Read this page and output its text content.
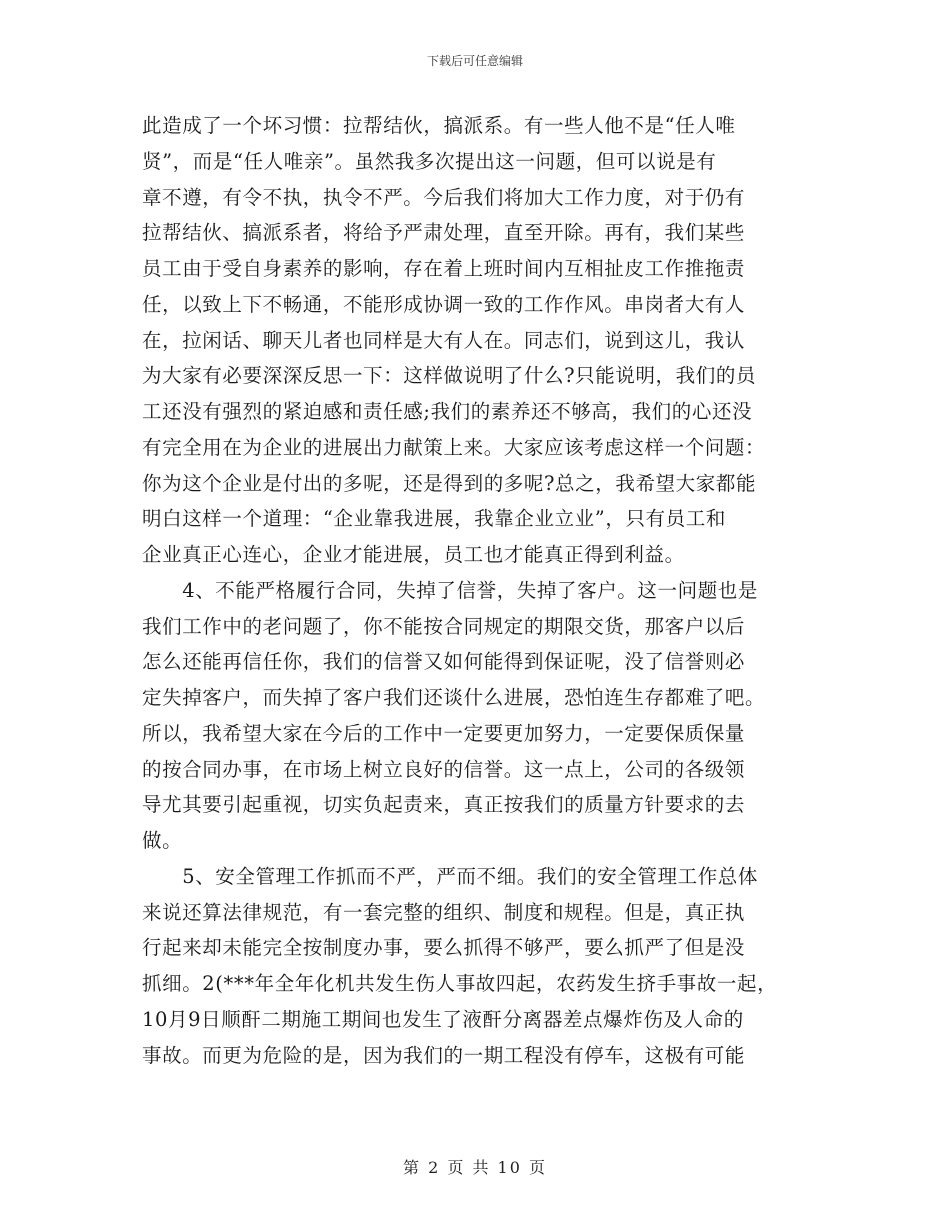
下载后可任意编辑
此造成了一个坏习惯：拉帮结伙，搞派系。有一些人他不是“任人唯
贤”，而是“任人唯亲”。虽然我多次提出这一问题，但可以说是有
章不遵，有令不执，执令不严。今后我们将加大工作力度，对于仍有
拉帮结伙、搞派系者，将给予严肃处理，直至开除。再有，我们某些
员工由于受自身素养的影响，存在着上班时间内互相扯皮工作推拖责
任，以致上下不畅通，不能形成协调一致的工作作风。串岗者大有人
在，拉闲话、聊天儿者也同样是大有人在。同志们，说到这儿，我认
为大家有必要深深反思一下：这样做说明了什么?只能说明，我们的员
工还没有强烈的紧迫感和责任感;我们的素养还不够高，我们的心还没
有完全用在为企业的进展出力献策上来。大家应该考虑这样一个问题：
你为这个企业是付出的多呢，还是得到的多呢?总之，我希望大家都能
明白这样一个道理：“企业靠我进展，我靠企业立业”，只有员工和
企业真正心连心，企业才能进展，员工也才能真正得到利益。
　　4、不能严格履行合同，失掉了信誉，失掉了客户。这一问题也是
我们工作中的老问题了，你不能按合同规定的期限交货，那客户以后
怎么还能再信任你，我们的信誉又如何能得到保证呢，没了信誉则必
定失掉客户，而失掉了客户我们还谈什么进展，恐怕连生存都难了吧。
所以，我希望大家在今后的工作中一定要更加努力，一定要保质保量
的按合同办事，在市场上树立良好的信誉。这一点上，公司的各级领
导尤其要引起重视，切实负起责来，真正按我们的质量方针要求的去
做。
　　5、安全管理工作抓而不严，严而不细。我们的安全管理工作总体
来说还算法律规范，有一套完整的组织、制度和规程。但是，真正执
行起来却未能完全按制度办事，要么抓得不够严，要么抓严了但是没
抓细。2(***年全年化机共发生伤人事故四起，农药发生挤手事故一起，
10月9日顺酐二期施工期间也发生了液酐分离器差点爆炸伤及人命的
事故。而更为危险的是，因为我们的一期工程没有停车，这极有可能
第 2 页 共 10 页
